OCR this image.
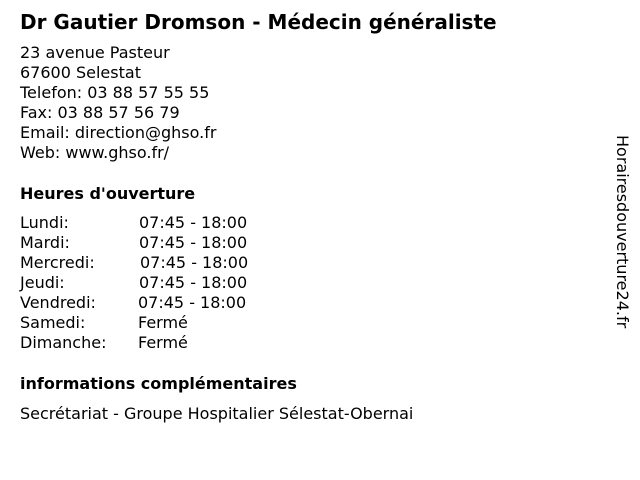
Dr Gautier Dromson - Médecin généraliste
23 avenue Pasteur
67600 Selestat
Telefon: 03 88 57 55 55
Fax: 03 88 57 56 79
Email: direction@ghso.fr
Web: www.ghso.fr/
Heures d'ouverture
Lundi:	07:45 - 18:00
Mardi:	07:45 - 18:00
Mercredi:	07:45 - 18:00
Jeudi:	07:45 - 18:00
Vendredi:	07:45 - 18:00
Samedi:	Fermé
Dimanche: Fermé
informations complémentaires
Secrétariat - Groupe Hospitalier Sélestat-Obernai
Horairesdouverture24.fr
